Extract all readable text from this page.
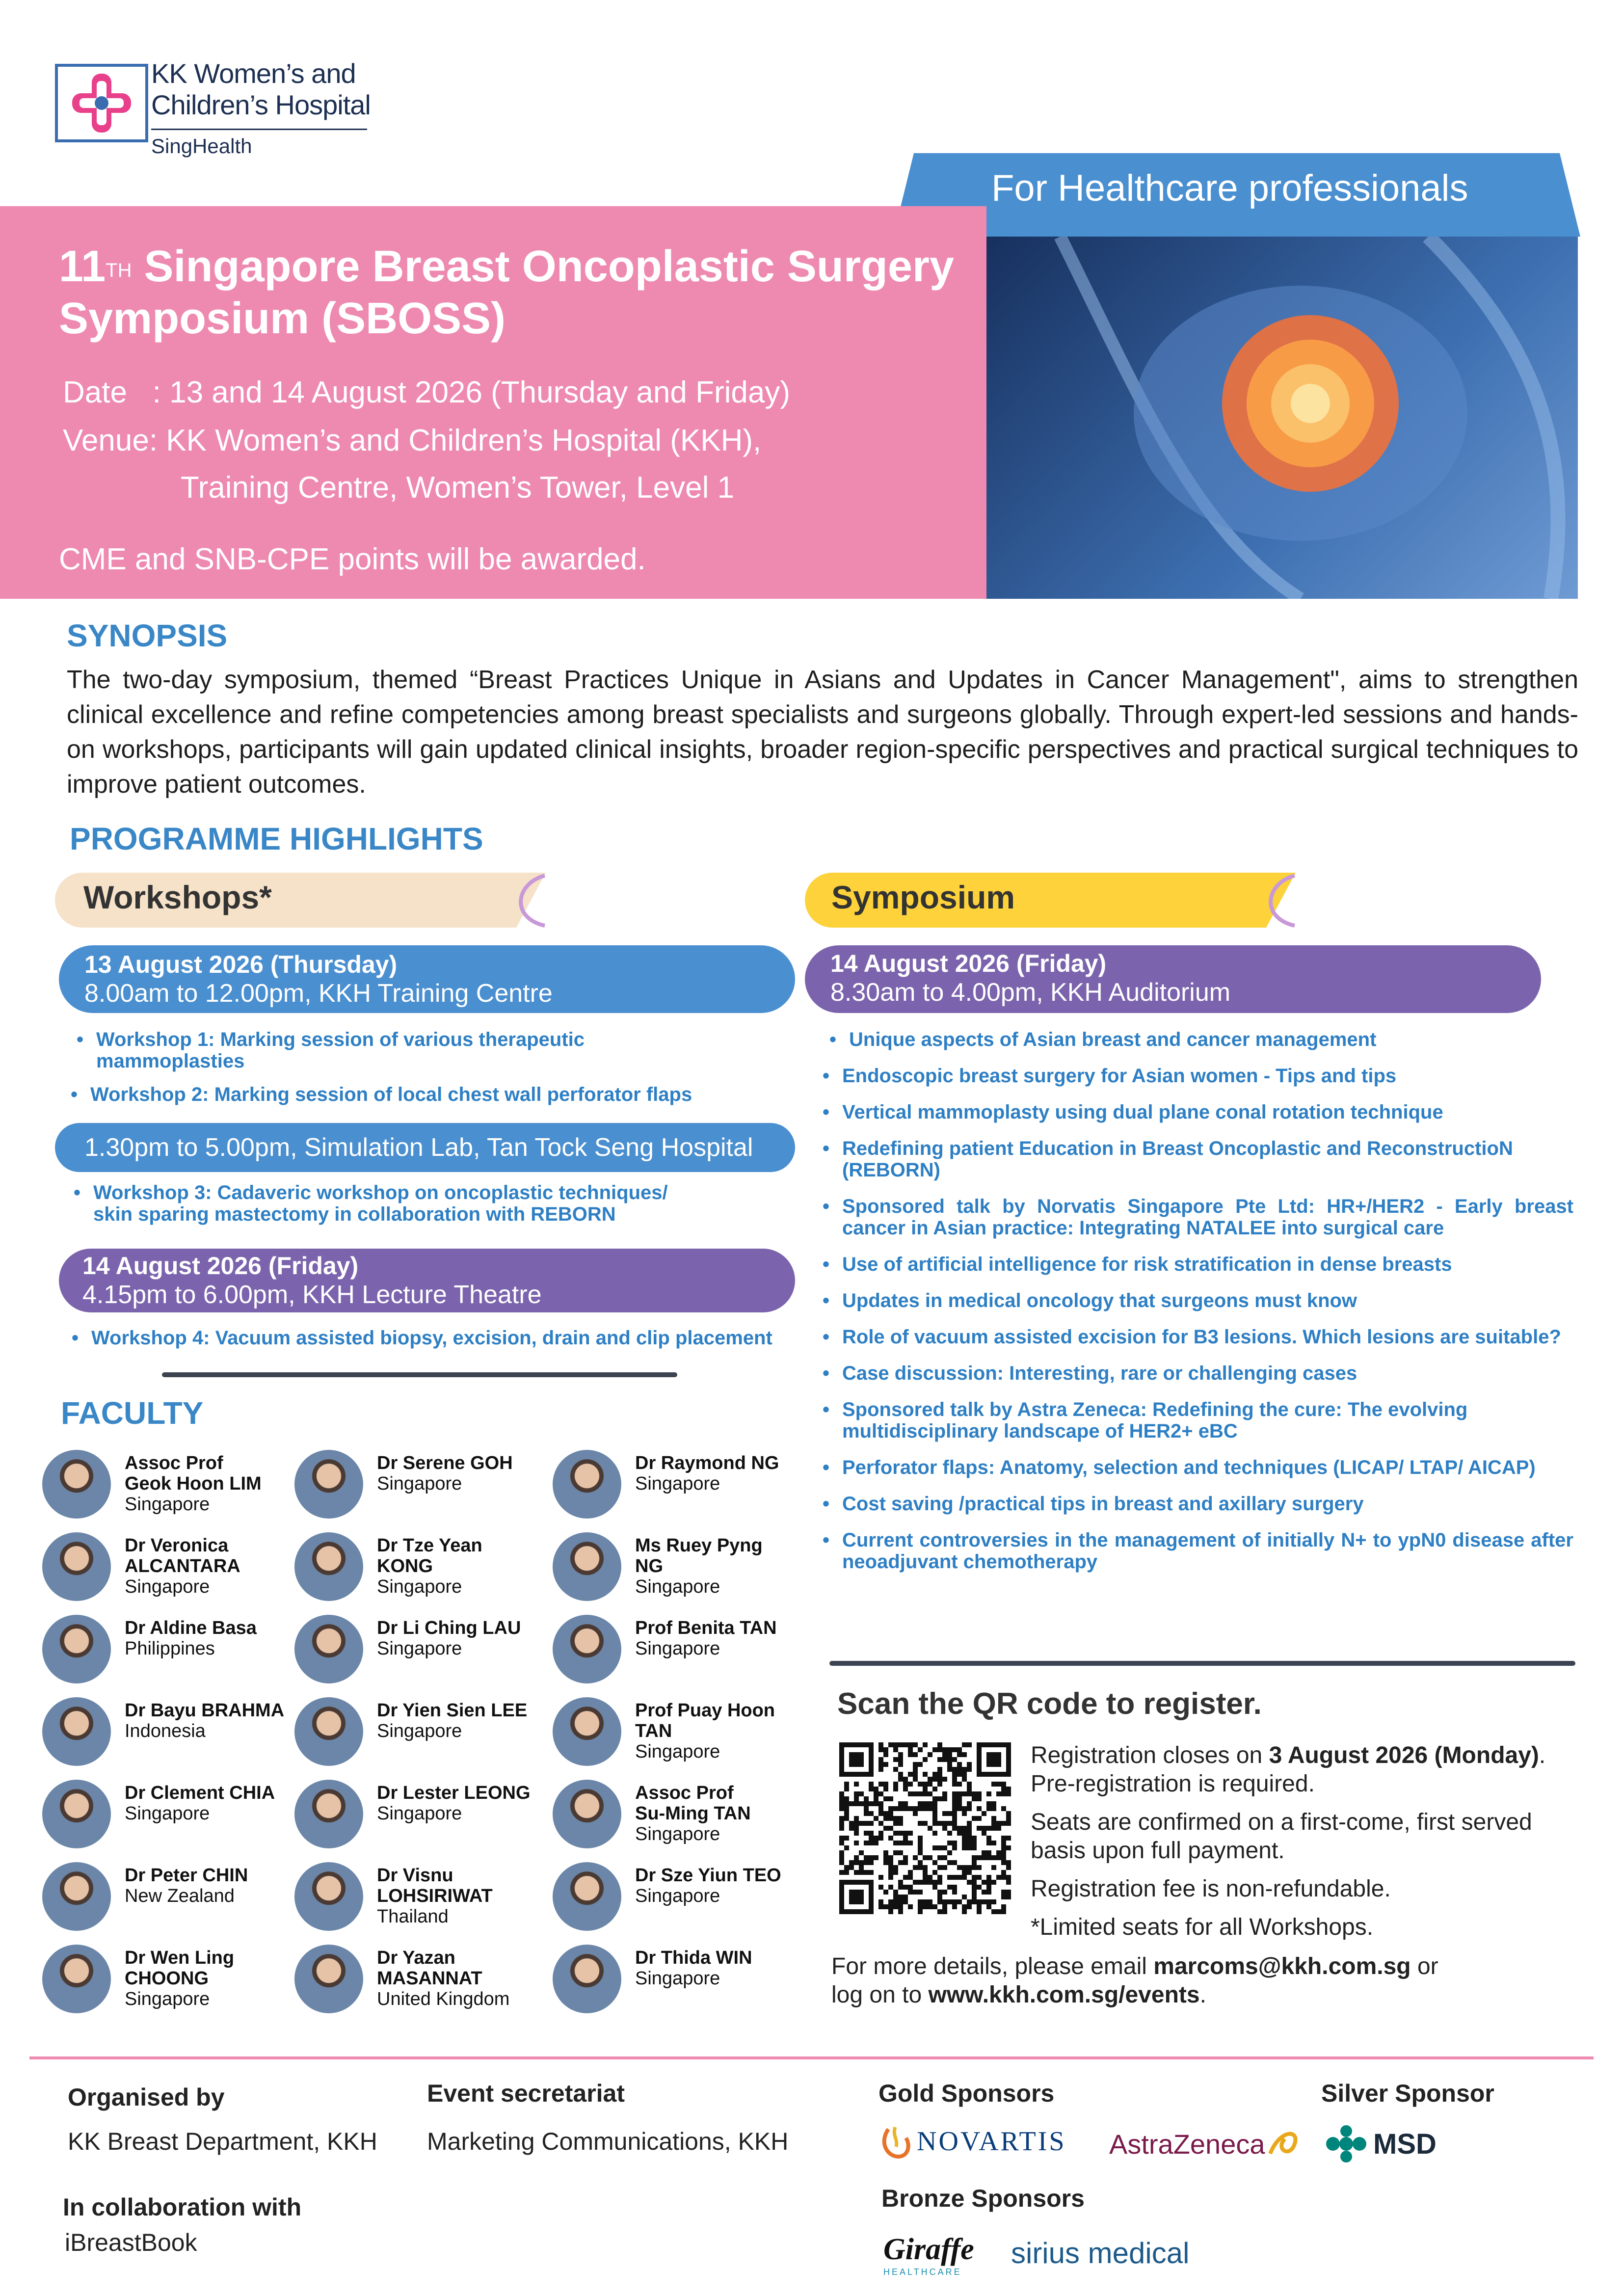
KK Women’s and
Children’s Hospital
SingHealth
For Healthcare professionals
11TH Singapore Breast Oncoplastic Surgery
Symposium (SBOSS)
Date   : 13 and 14 August 2026 (Thursday and Friday)
Venue: KK Women’s and Children’s Hospital (KKH),
Training Centre, Women’s Tower, Level 1
CME and SNB-CPE points will be awarded.
SYNOPSIS
The two-day symposium, themed “Breast Practices Unique in Asians and Updates in Cancer Management", aims to strengthen clinical excellence and refine competencies among breast specialists and surgeons globally. Through expert-led sessions and hands-on workshops, participants will gain updated clinical insights, broader region-specific perspectives and practical surgical techniques to improve patient outcomes.
PROGRAMME HIGHLIGHTS
Workshops*	Symposium
13 August 2026 (Thursday)
8.00am to 12.00pm, KKH Training Centre
• Workshop 1: Marking session of various therapeutic mammoplasties
• Workshop 2: Marking session of local chest wall perforator flaps
1.30pm to 5.00pm, Simulation Lab, Tan Tock Seng Hospital
• Workshop 3: Cadaveric workshop on oncoplastic techniques/
skin sparing mastectomy in collaboration with REBORN
14 August 2026 (Friday)
4.15pm to 6.00pm, KKH Lecture Theatre
• Workshop 4: Vacuum assisted biopsy, excision, drain and clip placement
14 August 2026 (Friday)
8.30am to 4.00pm, KKH Auditorium
• Unique aspects of Asian breast and cancer management
• Endoscopic breast surgery for Asian women - Tips and tips
• Vertical mammoplasty using dual plane conal rotation technique
• Redefining patient Education in Breast Oncoplastic and ReconstructioN (REBORN)
• Sponsored talk by Norvatis Singapore Pte Ltd: HR+/HER2 - Early breast cancer in Asian practice: Integrating NATALEE into surgical care
• Use of artificial intelligence for risk stratification in dense breasts
• Updates in medical oncology that surgeons must know
• Role of vacuum assisted excision for B3 lesions. Which lesions are suitable?
• Case discussion: Interesting, rare or challenging cases
• Sponsored talk by Astra Zeneca: Redefining the cure: The evolving multidisciplinary landscape of HER2+ eBC
• Perforator flaps: Anatomy, selection and techniques (LICAP/ LTAP/ AICAP)
• Cost saving /practical tips in breast and axillary surgery
• Current controversies in the management of initially N+ to ypN0 disease after neoadjuvant chemotherapy
FACULTY
Assoc Prof
Geok Hoon LIM
Singapore
Dr Veronica
ALCANTARA
Singapore
Dr Aldine Basa
Philippines
Dr Bayu BRAHMA
Indonesia
Dr Clement CHIA
Singapore
Dr Peter CHIN
New Zealand
Dr Wen Ling
CHOONG
Singapore
Dr Serene GOH
Singapore
Dr Tze Yean
KONG
Singapore
Dr Li Ching LAU
Singapore
Dr Yien Sien LEE
Singapore
Dr Lester LEONG
Singapore
Dr Visnu
LOHSIRIWAT
Thailand
Dr Yazan
MASANNAT
United Kingdom
Dr Raymond NG
Singapore
Ms Ruey Pyng
NG
Singapore
Prof Benita TAN
Singapore
Prof Puay Hoon
TAN
Singapore
Assoc Prof
Su-Ming TAN
Singapore
Dr Sze Yiun TEO
Singapore
Dr Thida WIN
Singapore
Scan the QR code to register.
Registration closes on 3 August 2026 (Monday).
Pre-registration is required.
Seats are confirmed on a first-come, first served basis upon full payment.
Registration fee is non-refundable.
*Limited seats for all Workshops.
For more details, please email marcoms@kkh.com.sg or
log on to www.kkh.com.sg/events.
Organised by
KK Breast Department, KKH
Event secretariat
Marketing Communications, KKH
In collaboration with
iBreastBook
Gold Sponsors
NOVARTIS AstraZeneca
Silver Sponsor
MSD
Bronze Sponsors
Giraffe
HEALTHCARE
sirius medical
